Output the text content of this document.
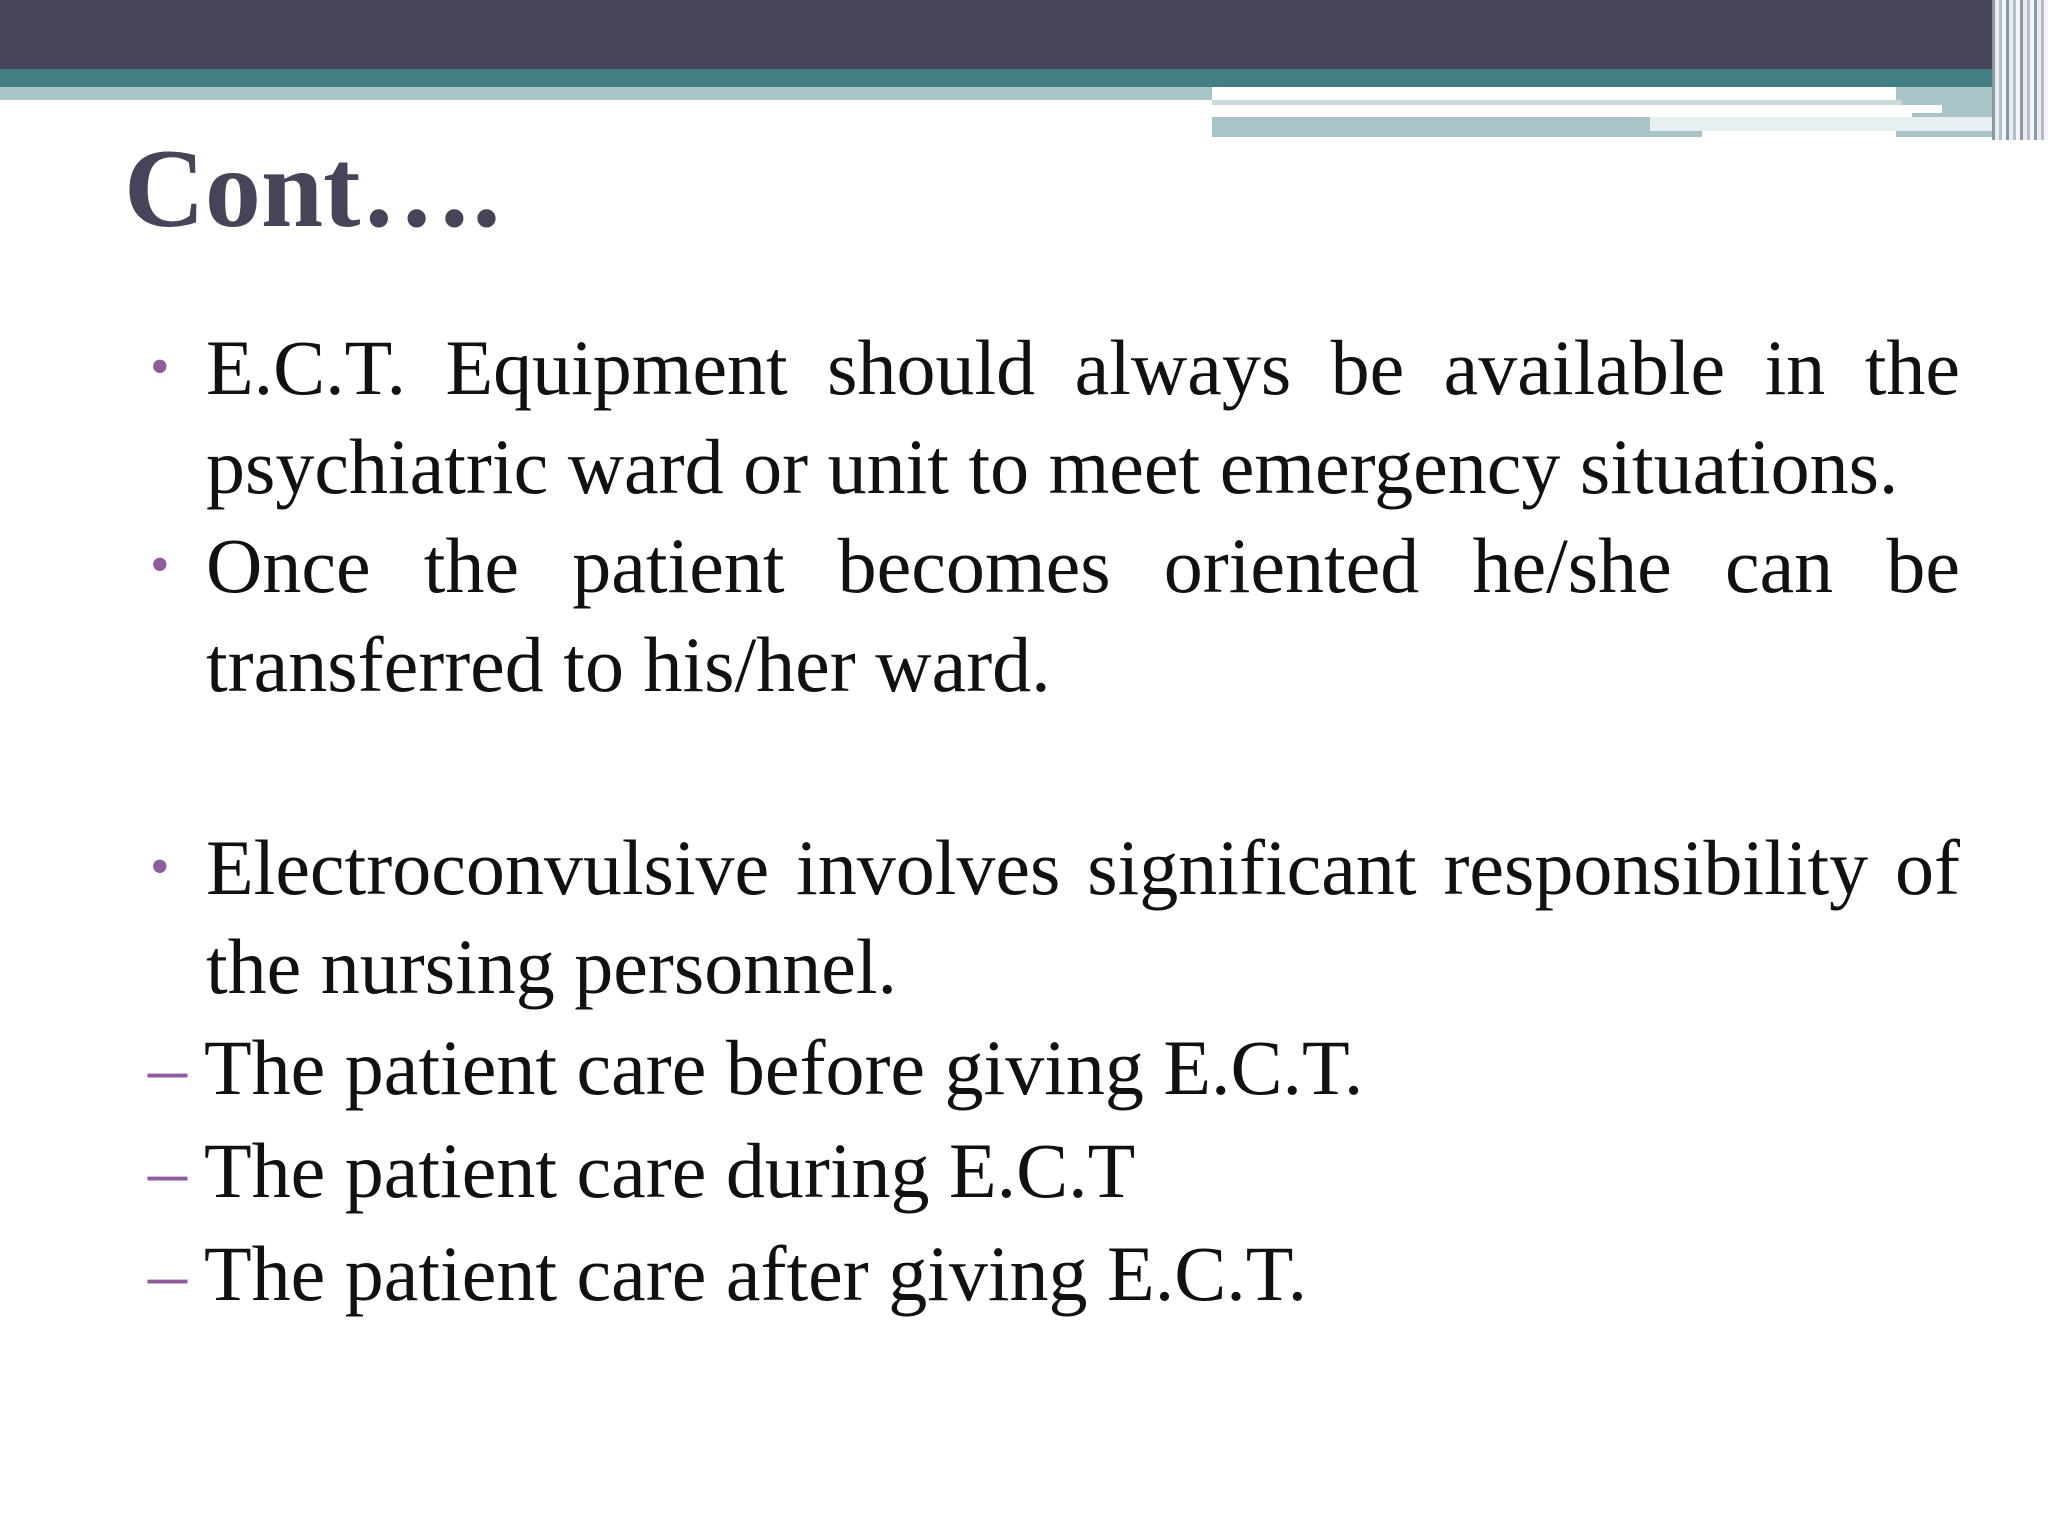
Cont….

• E.C.T. Equipment should always be available in the psychiatric ward or unit to meet emergency situations.

• Once the patient becomes oriented he/she can be transferred to his/her ward.

• Electroconvulsive involves significant responsibility of the nursing personnel.

– The patient care before giving E.C.T.

– The patient care during E.C.T

– The patient care after giving E.C.T.
